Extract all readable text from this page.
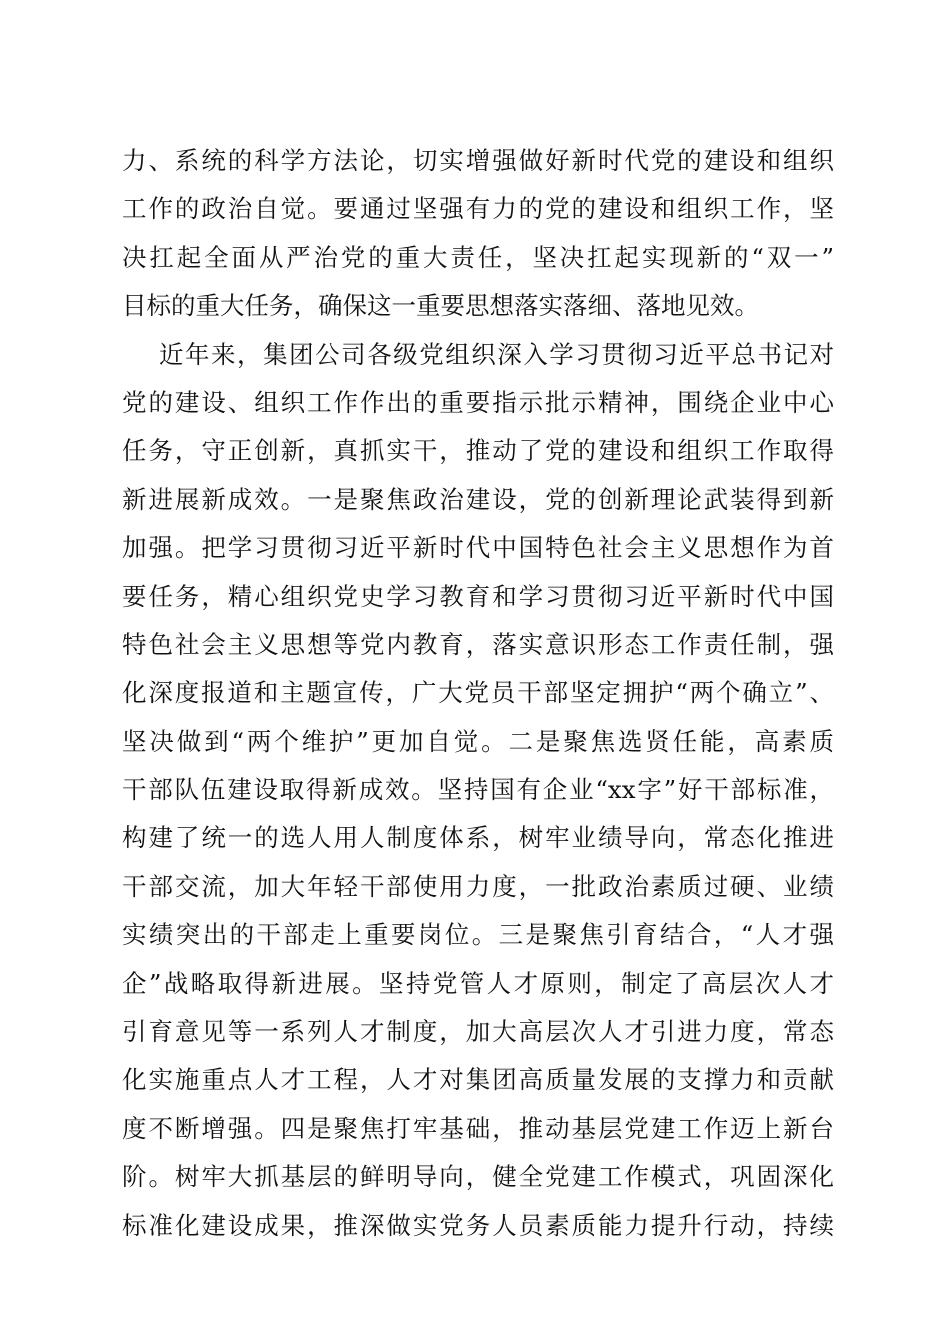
力、系统的科学方法论，切实增强做好新时代党的建设和组织
工作的政治自觉。要通过坚强有力的党的建设和组织工作，坚
决扛起全面从严治党的重大责任，坚决扛起实现新的“双一”
目标的重大任务，确保这一重要思想落实落细、落地见效。
近年来，集团公司各级党组织深入学习贯彻习近平总书记对
党的建设、组织工作作出的重要指示批示精神，围绕企业中心
任务，守正创新，真抓实干，推动了党的建设和组织工作取得
新进展新成效。一是聚焦政治建设，党的创新理论武装得到新
加强。把学习贯彻习近平新时代中国特色社会主义思想作为首
要任务，精心组织党史学习教育和学习贯彻习近平新时代中国
特色社会主义思想等党内教育，落实意识形态工作责任制，强
化深度报道和主题宣传，广大党员干部坚定拥护“两个确立”、
坚决做到“两个维护”更加自觉。二是聚焦选贤任能，高素质
干部队伍建设取得新成效。坚持国有企业“xx字”好干部标准，
构建了统一的选人用人制度体系，树牢业绩导向，常态化推进
干部交流，加大年轻干部使用力度，一批政治素质过硬、业绩
实绩突出的干部走上重要岗位。三是聚焦引育结合，“人才强
企”战略取得新进展。坚持党管人才原则，制定了高层次人才
引育意见等一系列人才制度，加大高层次人才引进力度，常态
化实施重点人才工程，人才对集团高质量发展的支撑力和贡献
度不断增强。四是聚焦打牢基础，推动基层党建工作迈上新台
阶。树牢大抓基层的鲜明导向，健全党建工作模式，巩固深化
标准化建设成果，推深做实党务人员素质能力提升行动，持续
